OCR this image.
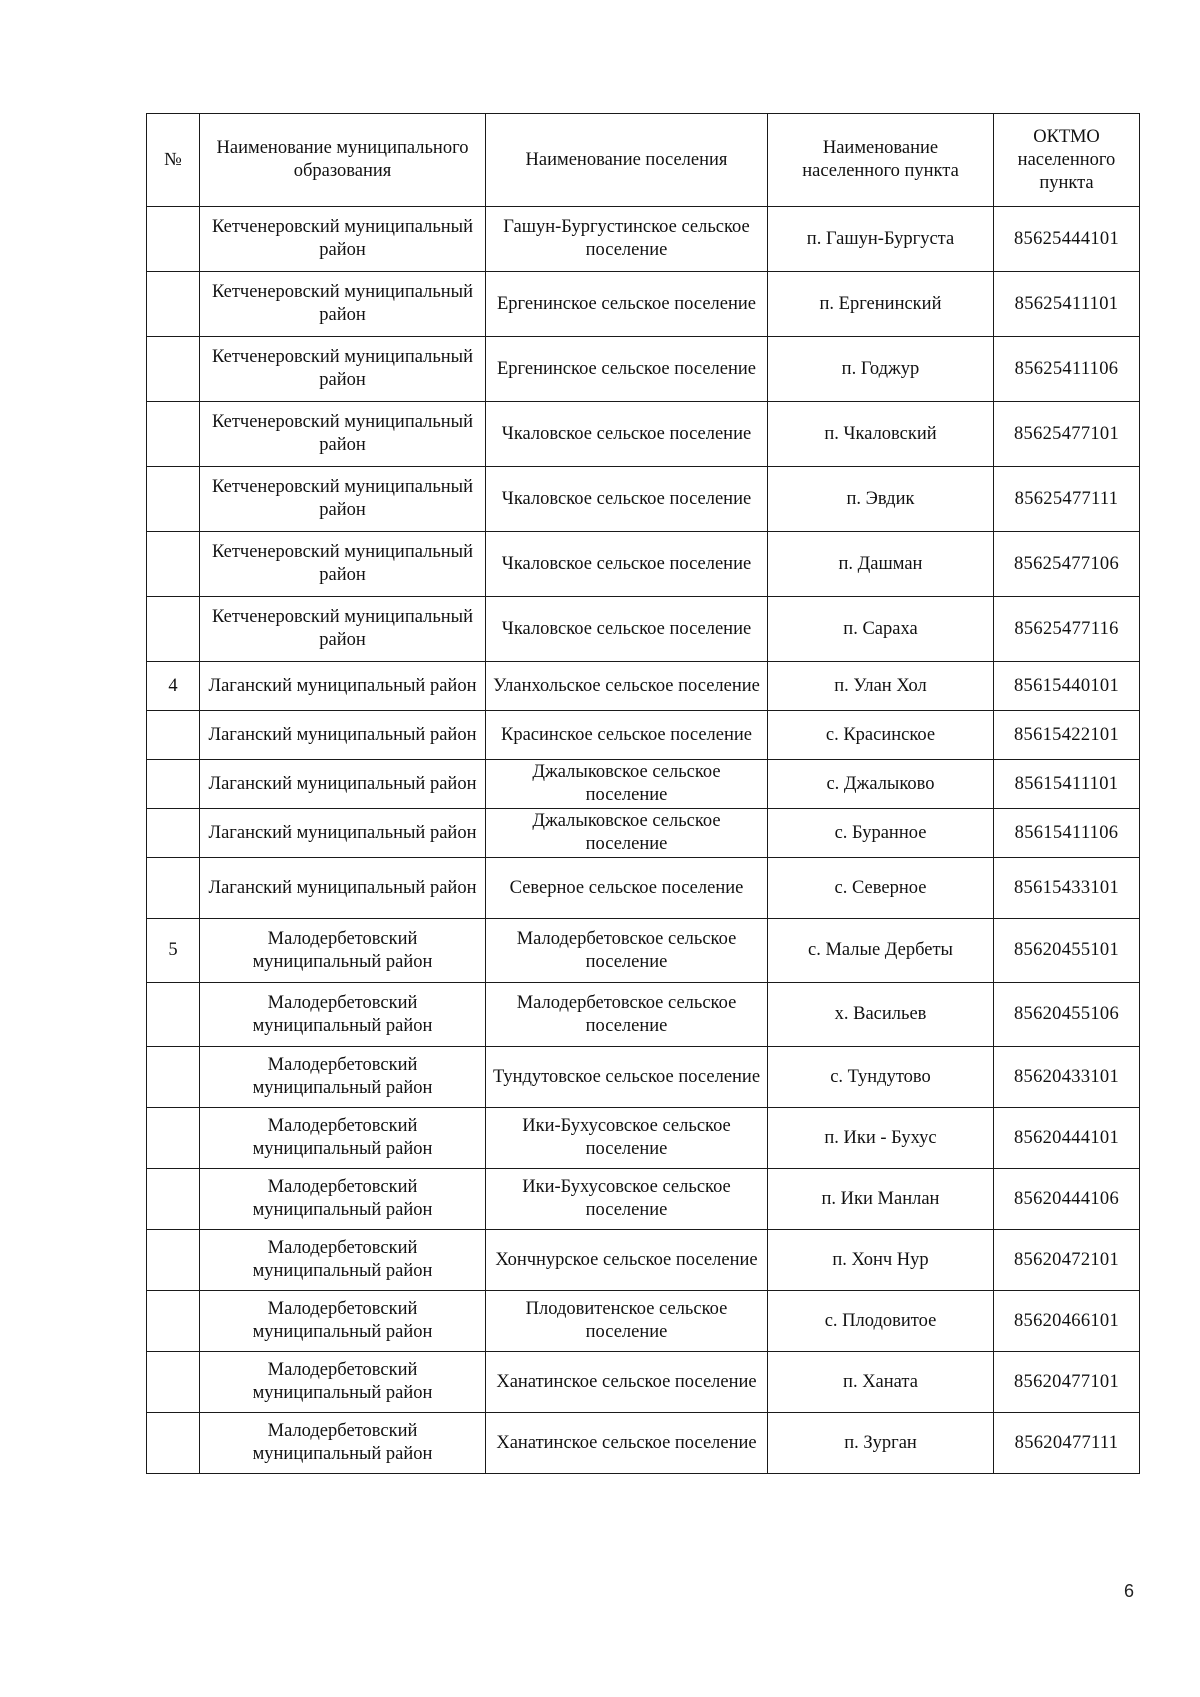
№	Наименование муниципального образования	Наименование поселения	Наименование населенного пункта	ОКТМО населенного пункта
	Кетченеровский муниципальный район	Гашун-Бургустинское сельское поселение	п. Гашун-Бургуста	85625444101
	Кетченеровский муниципальный район	Ергенинское сельское поселение	п. Ергенинский	85625411101
	Кетченеровский муниципальный район	Ергенинское сельское поселение	п. Годжур	85625411106
	Кетченеровский муниципальный район	Чкаловское сельское поселение	п. Чкаловский	85625477101
	Кетченеровский муниципальный район	Чкаловское сельское поселение	п. Эвдик	85625477111
	Кетченеровский муниципальный район	Чкаловское сельское поселение	п. Дашман	85625477106
	Кетченеровский муниципальный район	Чкаловское сельское поселение	п. Сараха	85625477116
4	Лаганский муниципальный район	Уланхольское сельское поселение	п. Улан Хол	85615440101
	Лаганский муниципальный район	Красинское сельское поселение	с. Красинское	85615422101
	Лаганский муниципальный район	Джалыковское сельское поселение	с. Джалыково	85615411101
	Лаганский муниципальный район	Джалыковское сельское поселение	с. Буранное	85615411106
	Лаганский муниципальный район	Северное сельское поселение	с. Северное	85615433101
5	Малодербетовский муниципальный район	Малодербетовское сельское поселение	с. Малые Дербеты	85620455101
	Малодербетовский муниципальный район	Малодербетовское сельское поселение	х. Васильев	85620455106
	Малодербетовский муниципальный район	Тундутовское сельское поселение	с. Тундутово	85620433101
	Малодербетовский муниципальный район	Ики-Бухусовское сельское поселение	п. Ики - Бухус	85620444101
	Малодербетовский муниципальный район	Ики-Бухусовское сельское поселение	п. Ики Манлан	85620444106
	Малодербетовский муниципальный район	Хончнурское сельское поселение	п. Хонч Нур	85620472101
	Малодербетовский муниципальный район	Плодовитенское сельское поселение	с. Плодовитое	85620466101
	Малодербетовский муниципальный район	Ханатинское сельское поселение	п. Ханата	85620477101
	Малодербетовский муниципальный район	Ханатинское сельское поселение	п. Зурган	85620477111
6
